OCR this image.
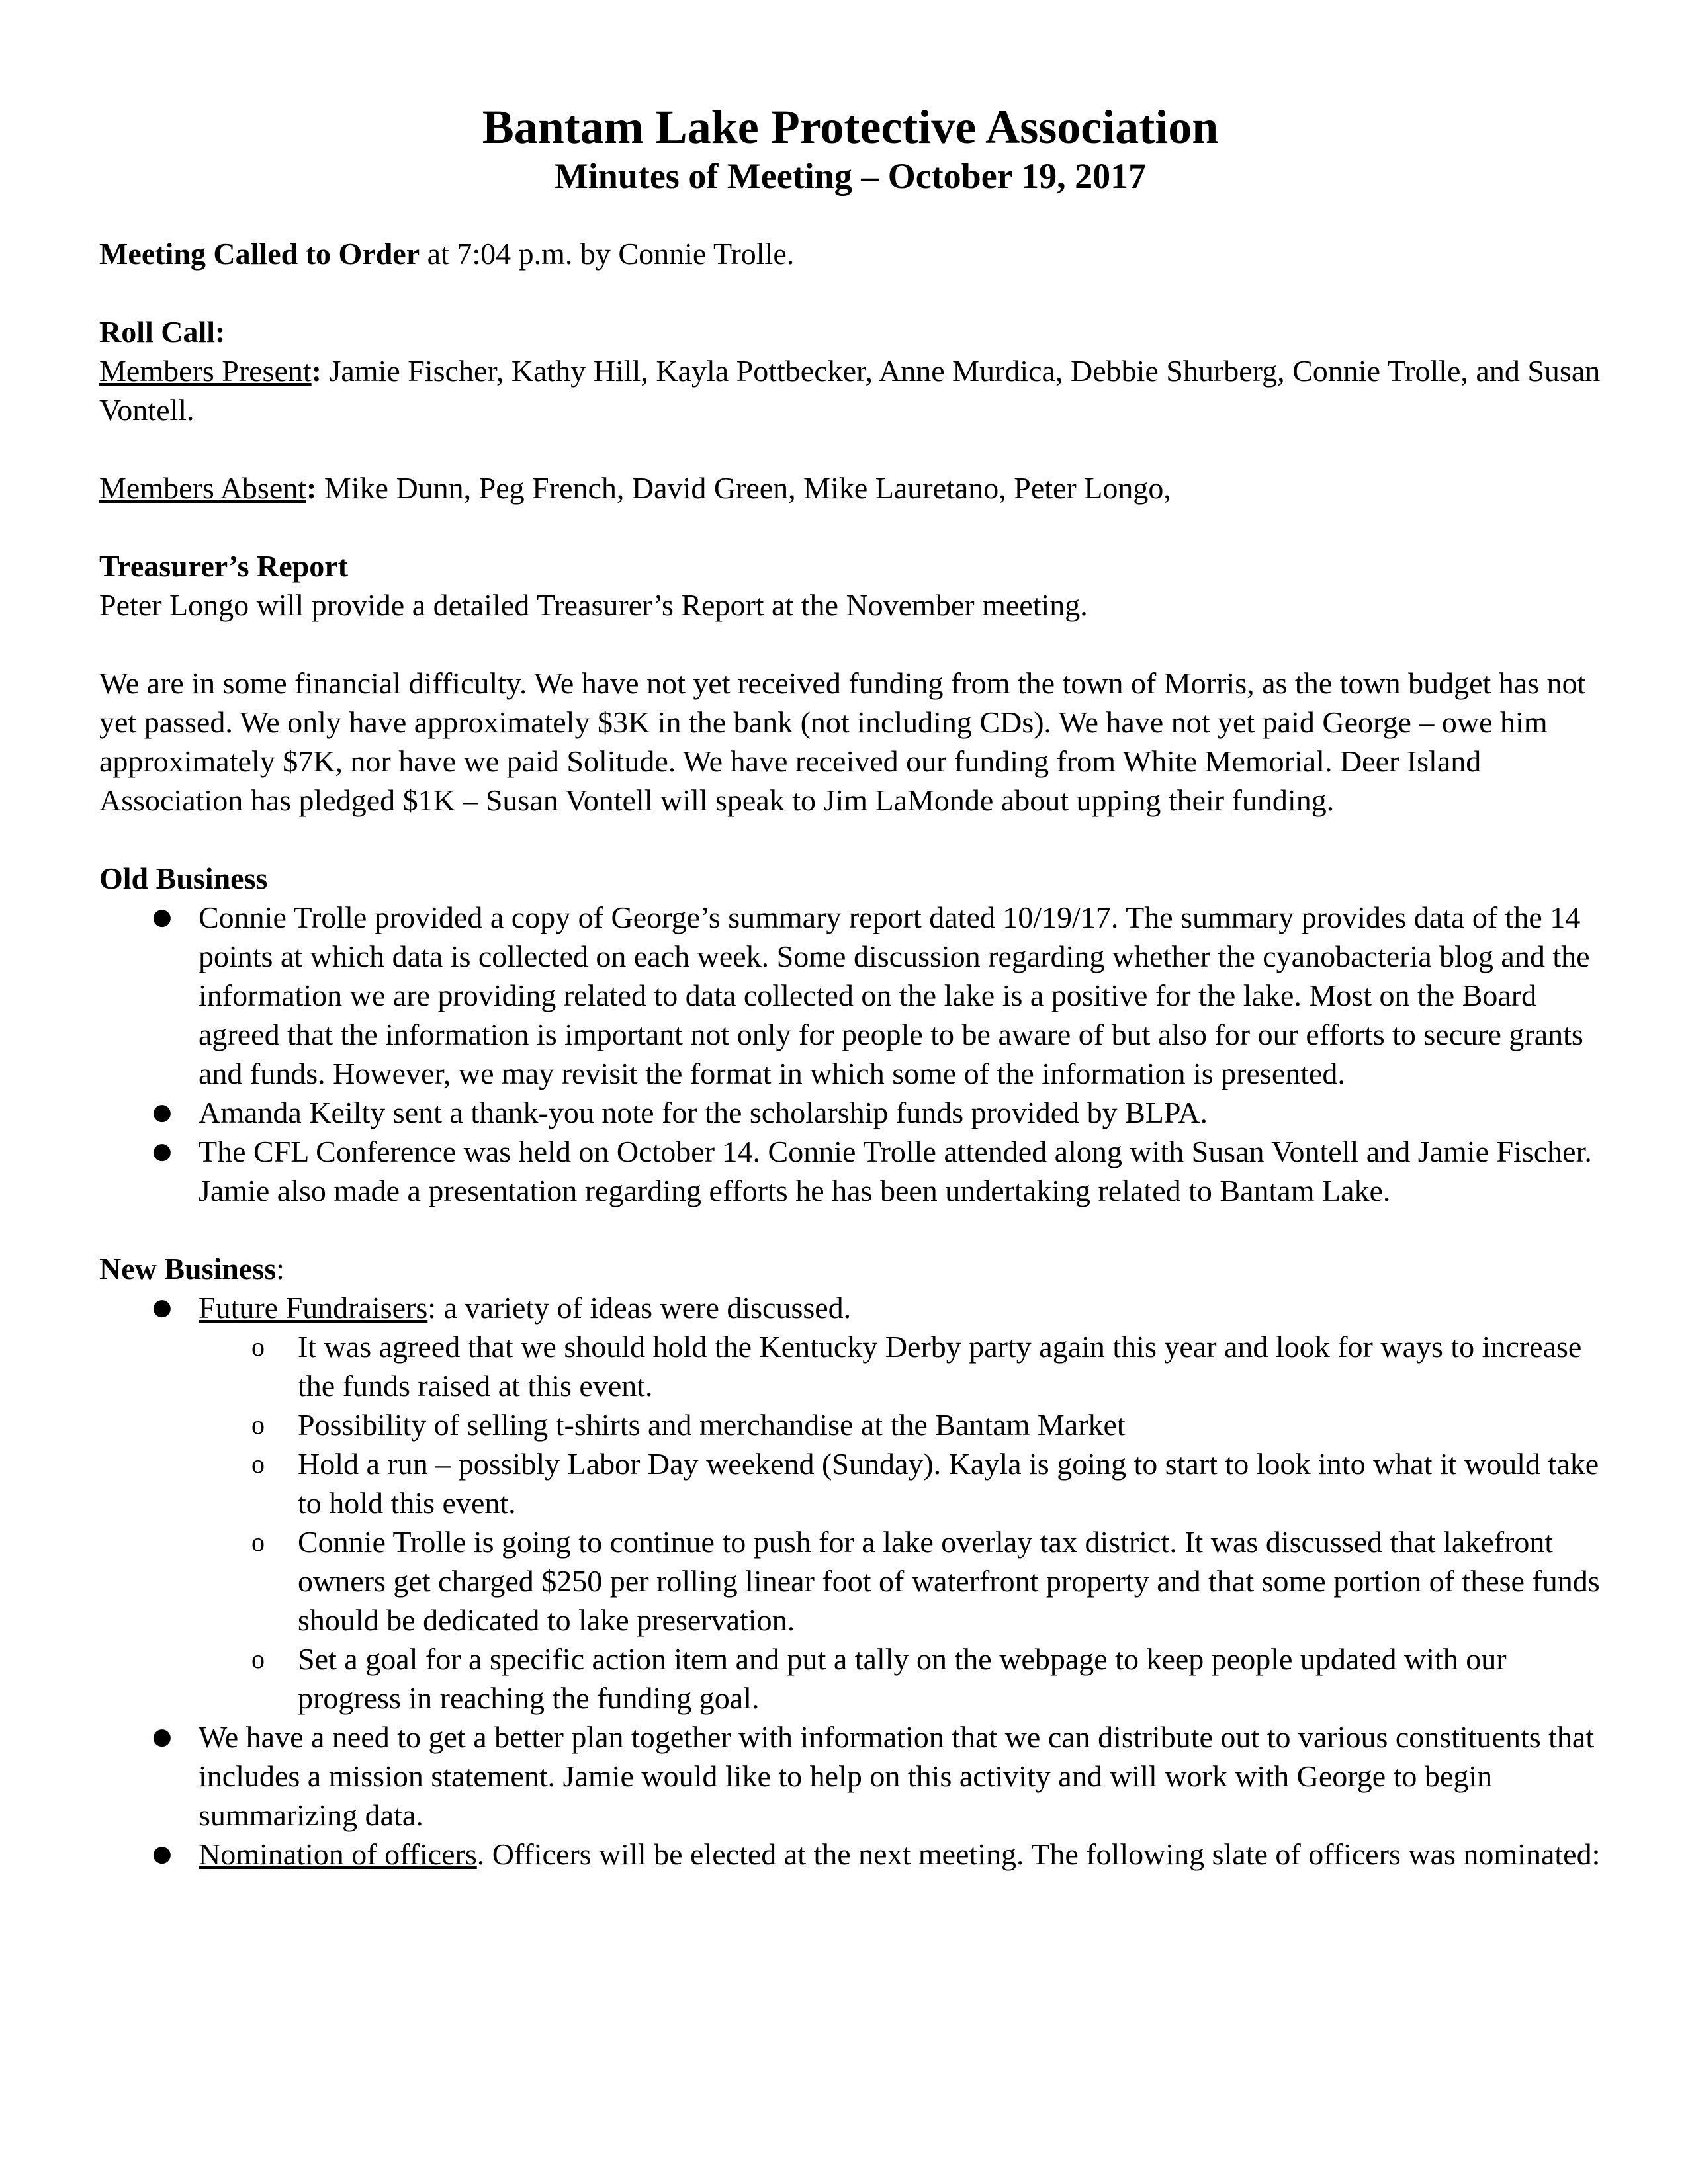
Bantam Lake Protective Association
Minutes of Meeting – October 19, 2017

Meeting Called to Order at 7:04 p.m. by Connie Trolle.

Roll Call:

Members Present: Jamie Fischer, Kathy Hill, Kayla Pottbecker, Anne Murdica, Debbie Shurberg, Connie Trolle, and Susan Vontell.

Members Absent: Mike Dunn, Peg French, David Green, Mike Lauretano, Peter Longo,

Treasurer’s Report

Peter Longo will provide a detailed Treasurer’s Report at the November meeting.

We are in some financial difficulty. We have not yet received funding from the town of Morris, as the town budget has not yet passed. We only have approximately $3K in the bank (not including CDs). We have not yet paid George – owe him approximately $7K, nor have we paid Solitude. We have received our funding from White Memorial. Deer Island Association has pledged $1K – Susan Vontell will speak to Jim LaMonde about upping their funding.

Old Business

● Connie Trolle provided a copy of George’s summary report dated 10/19/17. The summary provides data of the 14 points at which data is collected on each week. Some discussion regarding whether the cyanobacteria blog and the information we are providing related to data collected on the lake is a positive for the lake. Most on the Board agreed that the information is important not only for people to be aware of but also for our efforts to secure grants and funds. However, we may revisit the format in which some of the information is presented.
● Amanda Keilty sent a thank-you note for the scholarship funds provided by BLPA.
● The CFL Conference was held on October 14. Connie Trolle attended along with Susan Vontell and Jamie Fischer. Jamie also made a presentation regarding efforts he has been undertaking related to Bantam Lake.

New Business:

● Future Fundraisers: a variety of ideas were discussed.
o It was agreed that we should hold the Kentucky Derby party again this year and look for ways to increase the funds raised at this event.
o Possibility of selling t-shirts and merchandise at the Bantam Market
o Hold a run – possibly Labor Day weekend (Sunday). Kayla is going to start to look into what it would take to hold this event.
o Connie Trolle is going to continue to push for a lake overlay tax district. It was discussed that lakefront owners get charged $250 per rolling linear foot of waterfront property and that some portion of these funds should be dedicated to lake preservation.
o Set a goal for a specific action item and put a tally on the webpage to keep people updated with our progress in reaching the funding goal.
● We have a need to get a better plan together with information that we can distribute out to various constituents that includes a mission statement. Jamie would like to help on this activity and will work with George to begin summarizing data.
● Nomination of officers. Officers will be elected at the next meeting. The following slate of officers was nominated:
